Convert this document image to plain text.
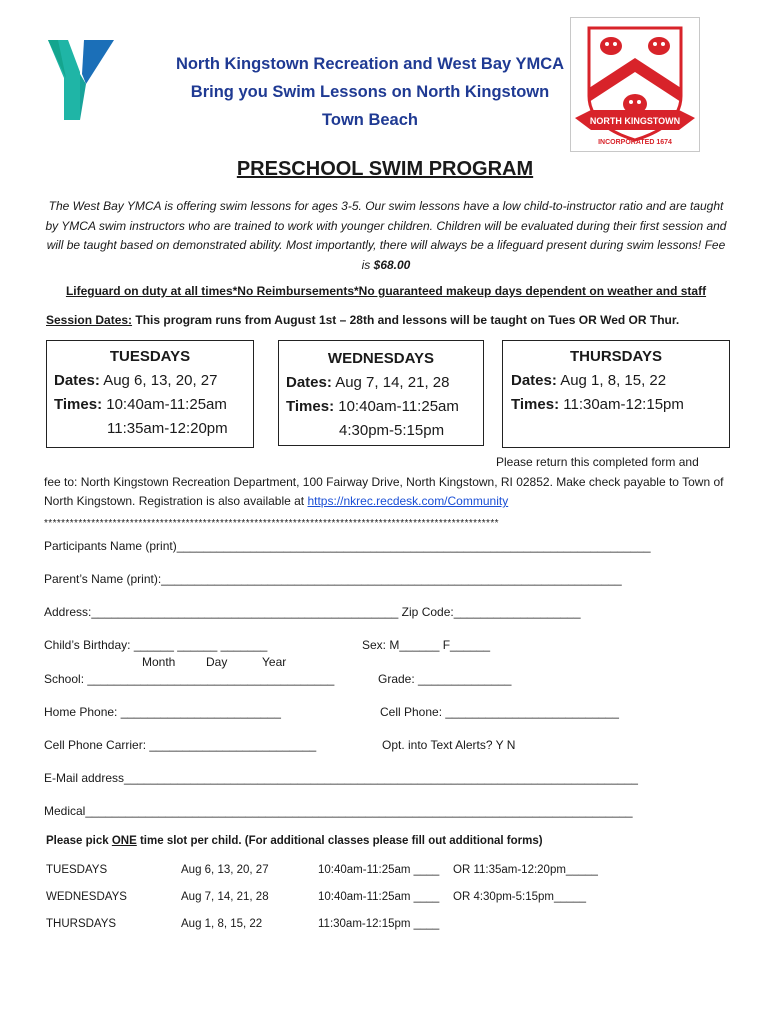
North Kingstown Recreation and West Bay YMCA Bring you Swim Lessons on North Kingstown Town Beach	NORTH KINGSTOWN
INCORPORATED 1674
PRESCHOOL SWIM PROGRAM
The West Bay YMCA is offering swim lessons for ages 3-5. Our swim lessons have a low child-to-instructor ratio and are taught by YMCA swim instructors who are trained to work with younger children. Children will be evaluated during their first session and will be taught based on demonstrated ability. Most importantly, there will always be a lifeguard present during swim lessons! Fee is $68.00
Lifeguard on duty at all times*No Reimbursements*No guaranteed makeup days dependent on weather and staff
Session Dates: This program runs from August 1st – 28th and lessons will be taught on Tues OR Wed OR Thur.
TUESDAYS
Dates: Aug 6, 13, 20, 27
Times: 10:40am-11:25am
11:35am-12:20pm
WEDNESDAYS
Dates: Aug 7, 14, 21, 28
Times: 10:40am-11:25am
4:30pm-5:15pm
THURSDAYS
Dates: Aug 1, 8, 15, 22
Times: 11:30am-12:15pm
Please return this completed form and
fee to: North Kingstown Recreation Department, 100 Fairway Drive, North Kingstown, RI 02852. Make check payable to Town of North Kingstown. Registration is also available at https://nkrec.recdesk.com/Community
**********************************************************************************************************
Participants Name (print)_______________________________________________________________________
Parent’s Name (print):_____________________________________________________________________
Address:______________________________________________ Zip Code:___________________
Child’s Birthday: ______ ______ _______	Sex: M______ F______
Month	Day	Year
School: _____________________________________	Grade: ______________
Home Phone: ________________________	Cell Phone: __________________________
Cell Phone Carrier: _________________________	Opt. into Text Alerts? Y N
E-Mail address_____________________________________________________________________________
Medical__________________________________________________________________________________
Please pick ONE time slot per child. (For additional classes please fill out additional forms)
TUESDAYS	Aug 6, 13, 20, 27	10:40am-11:25am ____ OR 11:35am-12:20pm_____
WEDNESDAYS	Aug 7, 14, 21, 28	10:40am-11:25am ____ OR 4:30pm-5:15pm_____
THURSDAYS	Aug 1, 8, 15, 22	11:30am-12:15pm ____
